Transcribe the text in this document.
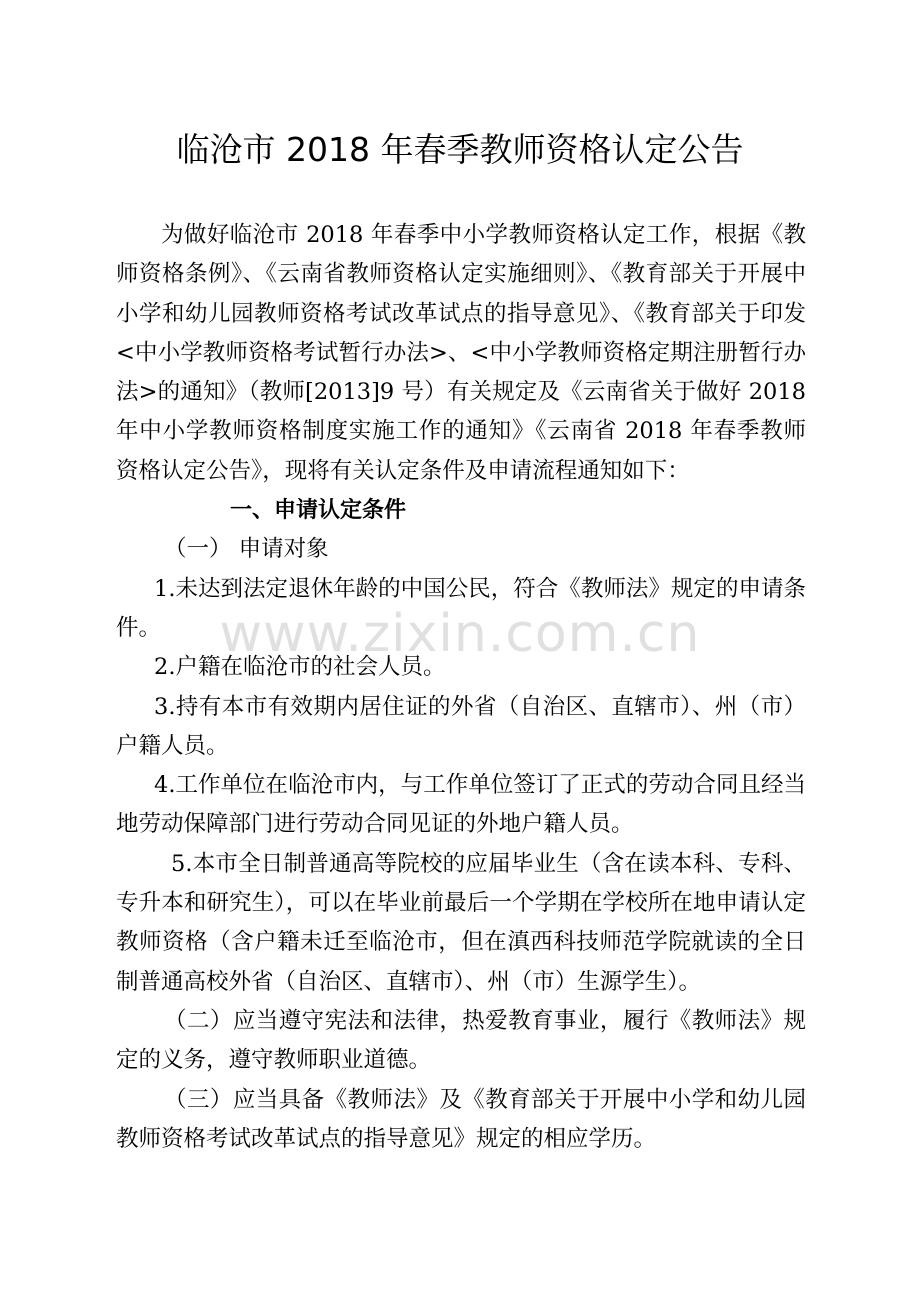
临沧市 2018 年春季教师资格认定公告

为做好临沧市 2018 年春季中小学教师资格认定工作，根据《教师资格条例》、《云南省教师资格认定实施细则》、《教育部关于开展中小学和幼儿园教师资格考试改革试点的指导意见》、《教育部关于印发<中小学教师资格考试暂行办法>、<中小学教师资格定期注册暂行办法>的通知》（教师[2013]9 号）有关规定及《云南省关于做好 2018 年中小学教师资格制度实施工作的通知》《云南省 2018 年春季教师资格认定公告》，现将有关认定条件及申请流程通知如下：

一、申请认定条件

（一） 申请对象

1.未达到法定退休年龄的中国公民，符合《教师法》规定的申请条件。

2.户籍在临沧市的社会人员。

3.持有本市有效期内居住证的外省（自治区、直辖市）、州（市）户籍人员。

4.工作单位在临沧市内，与工作单位签订了正式的劳动合同且经当地劳动保障部门进行劳动合同见证的外地户籍人员。

5.本市全日制普通高等院校的应届毕业生（含在读本科、专科、专升本和研究生），可以在毕业前最后一个学期在学校所在地申请认定教师资格（含户籍未迁至临沧市，但在滇西科技师范学院就读的全日制普通高校外省（自治区、直辖市）、州（市）生源学生）。

（二）应当遵守宪法和法律，热爱教育事业，履行《教师法》规定的义务，遵守教师职业道德。

（三）应当具备《教师法》及《教育部关于开展中小学和幼儿园教师资格考试改革试点的指导意见》规定的相应学历。

www.zixin.com.cn
